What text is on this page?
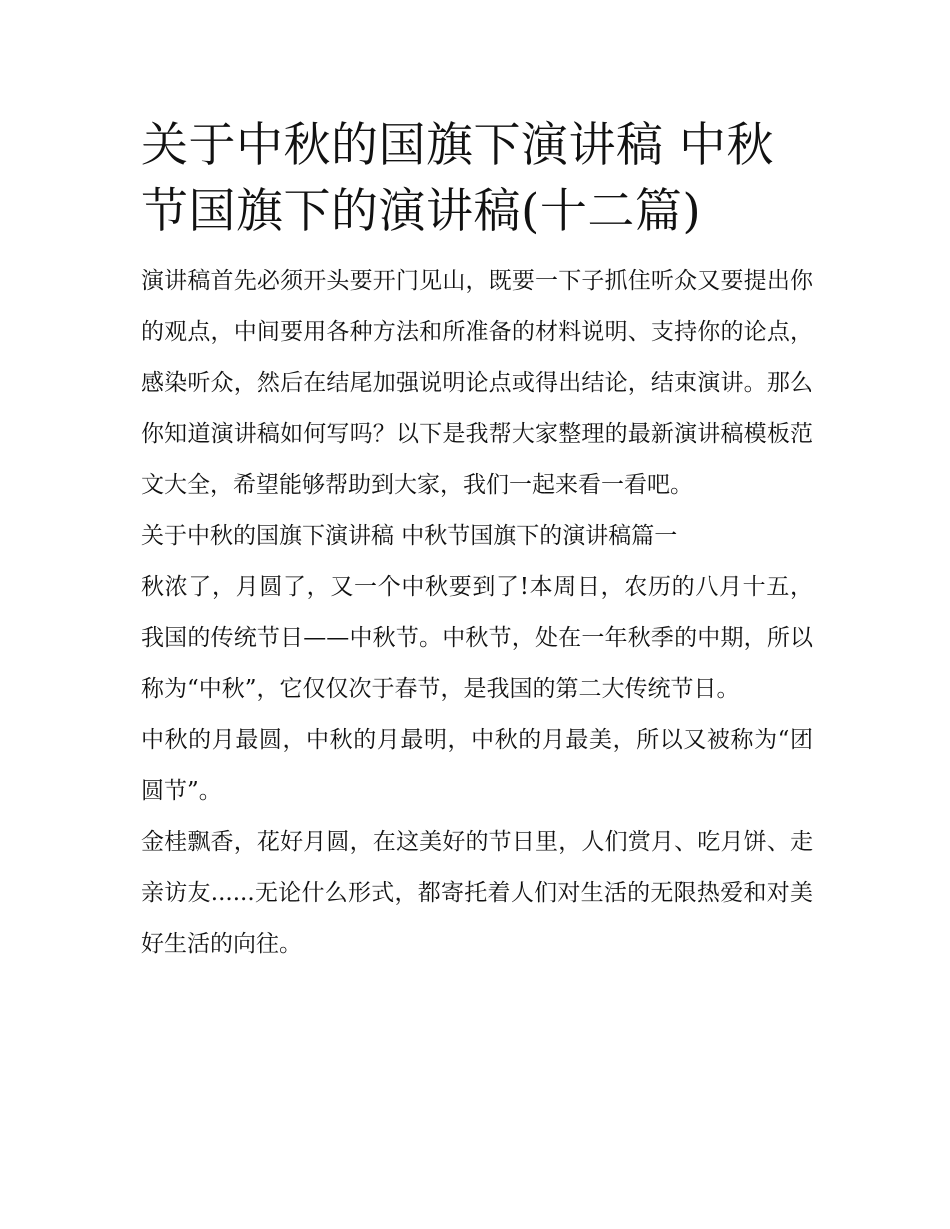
关于中秋的国旗下演讲稿 中秋节国旗下的演讲稿(十二篇)

演讲稿首先必须开头要开门见山，既要一下子抓住听众又要提出你的观点，中间要用各种方法和所准备的材料说明、支持你的论点，感染听众，然后在结尾加强说明论点或得出结论，结束演讲。那么你知道演讲稿如何写吗？以下是我帮大家整理的最新演讲稿模板范文大全，希望能够帮助到大家，我们一起来看一看吧。

关于中秋的国旗下演讲稿 中秋节国旗下的演讲稿篇一

秋浓了，月圆了，又一个中秋要到了!本周日，农历的八月十五，我国的传统节日——中秋节。中秋节，处在一年秋季的中期，所以称为“中秋”，它仅仅次于春节，是我国的第二大传统节日。

中秋的月最圆，中秋的月最明，中秋的月最美，所以又被称为“团圆节”。

金桂飘香，花好月圆，在这美好的节日里，人们赏月、吃月饼、走亲访友......无论什么形式，都寄托着人们对生活的无限热爱和对美好生活的向往。
